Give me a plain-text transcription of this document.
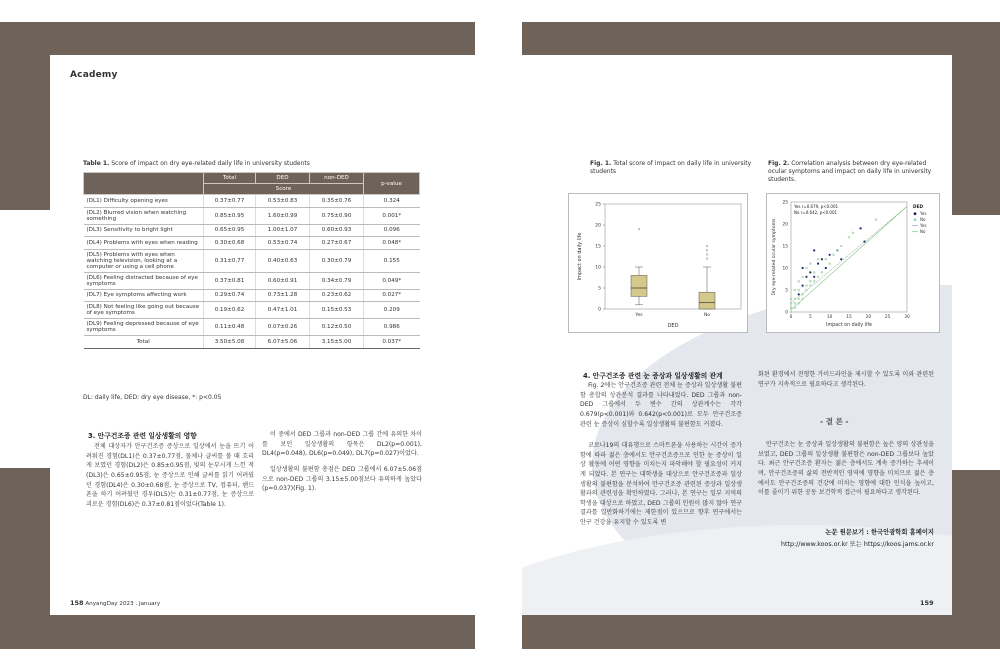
Academy
Table 1. Score of impact on dry eye-related daily life in university students
	Total	DED	non-DED	p-value
	Score			
(DL1) Difficulty opening eyes	0.37±0.77	0.53±0.83	0.35±0.76	0.324
(DL2) Blurred vision when watching something	0.85±0.95	1.60±0.99	0.75±0.90	0.001*
(DL3) Sensitivity to bright light	0.65±0.95	1.00±1.07	0.60±0.93	0.096
(DL4) Problems with eyes when reading	0.30±0.68	0.53±0.74	0.27±0.67	0.048*
(DL5) Problems with eyes when watching television, looking at a computer or using a cell phone	0.31±0.77	0.40±0.63	0.30±0.79	0.155
(DL6) Feeling distracted because of eye symptoms	0.37±0.81	0.60±0.91	0.34±0.79	0.049*
(DL7) Eye symptoms affecting work	0.29±0.74	0.73±1.28	0.23±0.62	0.027*
(DL8) Not feeling like going out because of eye symptoms	0.19±0.62	0.47±1.01	0.15±0.53	0.209
(DL9) Feeling depressed because of eye symptoms	0.11±0.48	0.07±0.26	0.12±0.50	0.986
Total	3.50±5.08	6.07±5.06	3.15±5.00	0.037*
DL: daily life, DED: dry eye disease, *: p<0.05
3. 안구건조증 관련 일상생활의 영향
전체 대상자가 안구건조증 증상으로 일상에서 눈을 뜨기 어려워진 경험(DL1)은 0.37±0.77점, 물체나 글씨를 볼 때 흐리게 보였던 경험(DL2)은 0.85±0.95점, 빛의 눈부시게 느낀 적(DL3)은 0.65±0.95점, 눈 증상으로 인해 글씨를 읽기 어려웠던 경험(DL4)은 0.30±0.68점, 눈 증상으로 TV, 컴퓨터, 핸드폰을 하기 어려웠던 경우(DL5)는 0.31±0.77점, 눈 증상으로 괴로운 경험(DL6)은 0.37±0.81점이었다(Table 1).
이 중에서 DED 그룹과 non-DED 그룹 간에 유의한 차이를 보인 일상생활의 항목은 DL2(p=0.001), DL4(p=0.048), DL6(p=0.049), DL7(p=0.027)이었다.
일상생활의 불편함 총점은 DED 그룹에서 6.07±5.06점으로 non-DED 그룹의 3.15±5.00점보다 유의하게 높았다(p=0.037)(Fig. 1).
158 AnyangDay 2023 . January
Fig. 1. Total score of impact on daily life in university students
Fig. 2. Correlation analysis between dry eye-related ocular symptoms and impact on daily life in university students.
0
5
10
15
20
25
Yes	No
DED
Impact on daily life
0
5
10
15
20
25
0	5	10	15	20	25	30
Yes r=0.679, p<0.001
No r=0.642, p<0.001
DED
Yes
No
Yes
No
Impact on daily life
Dry eye-related ocular symptoms
4. 안구건조증 관련 눈 증상과 일상생활의 관계
Fig. 2에는 안구건조증 관련 전체 눈 증상과 일상생활 불편함 총합의 상관분석 결과를 나타내었다. DED 그룹과 non-DED 그룹에서 두 변수 간의 상관계수는 각각 0.679(p<0.001)와 0.642(p<0.001)로 모두 안구건조증 관련 눈 증상이 심할수록 일상생활의 불편함도 커졌다.
코로나19의 대유행으로 스마트폰을 사용하는 시간이 증가함에 따라 젊은 층에서도 안구건조증으로 인한 눈 증상이 일상 활동에 어떤 영향을 미치는지 파악해야 할 필요성이 커지게 되었다. 본 연구는 대학생을 대상으로 안구건조증과 일상생활의 불편함을 분석하여 안구건조증 관련된 증상과 일상생활과의 관련성을 확인하였다. 그러나, 본 연구는 일부 지역의 학생을 대상으로 하였고, DED 그룹의 인원이 많지 않아 연구 결과를 일반화하기에는 제한점이 있으므로 향후 연구에서는 안구 건강을 유지할 수 있도록 변
화된 환경에서 전형한 가이드라인을 제시할 수 있도록 이와 관련된 연구가 지속적으로 필요하다고 생각된다.
- 결 론 -
안구건조는 눈 증상과 일상생활의 불편함은 높은 양의 상관성을 보였고, DED 그룹의 일상생활 불편함은 non-DED 그룹보다 높았다. 최근 안구건조증 환자는 젊은 층에서도 계속 증가하는 추세이며, 안구건조증의 삶의 전반적인 영역에 영향을 미치므로 젊은 층에서도 안구건조증의 건강에 미치는 영향에 대한 인식을 높이고, 이를 줄이기 위한 공동 보건학적 접근이 필요하다고 생각된다.
논문 원문보기 : 한국안광학회 홈페이지
http://www.koos.or.kr 또는 https://koos.jams.or.kr
159
